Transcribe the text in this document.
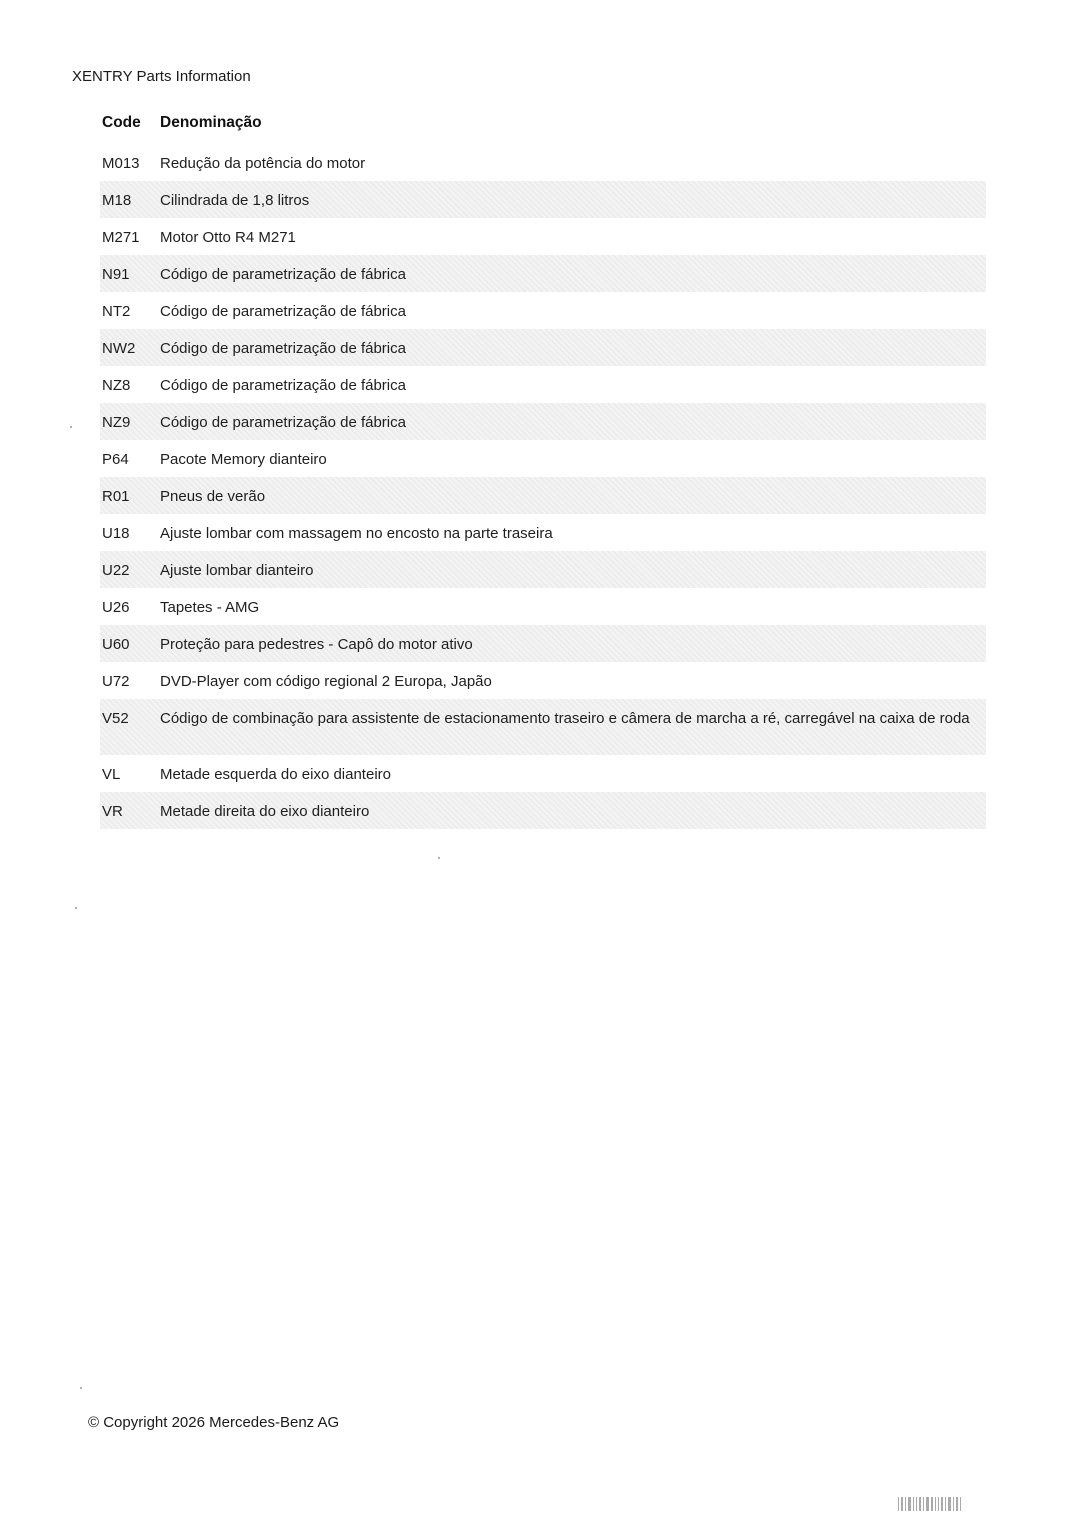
XENTRY Parts Information
Code	Denominação
M013	Redução da potência do motor
M18	Cilindrada de 1,8 litros
M271	Motor Otto R4 M271
N91	Código de parametrização de fábrica
NT2	Código de parametrização de fábrica
NW2	Código de parametrização de fábrica
NZ8	Código de parametrização de fábrica
NZ9	Código de parametrização de fábrica
P64	Pacote Memory dianteiro
R01	Pneus de verão
U18	Ajuste lombar com massagem no encosto na parte traseira
U22	Ajuste lombar dianteiro
U26	Tapetes - AMG
U60	Proteção para pedestres - Capô do motor ativo
U72	DVD-Player com código regional 2 Europa, Japão
V52	Código de combinação para assistente de estacionamento traseiro e câmera de marcha a ré, carregável na caixa de roda
VL	Metade esquerda do eixo dianteiro
VR	Metade direita do eixo dianteiro
© Copyright 2026 Mercedes-Benz AG
